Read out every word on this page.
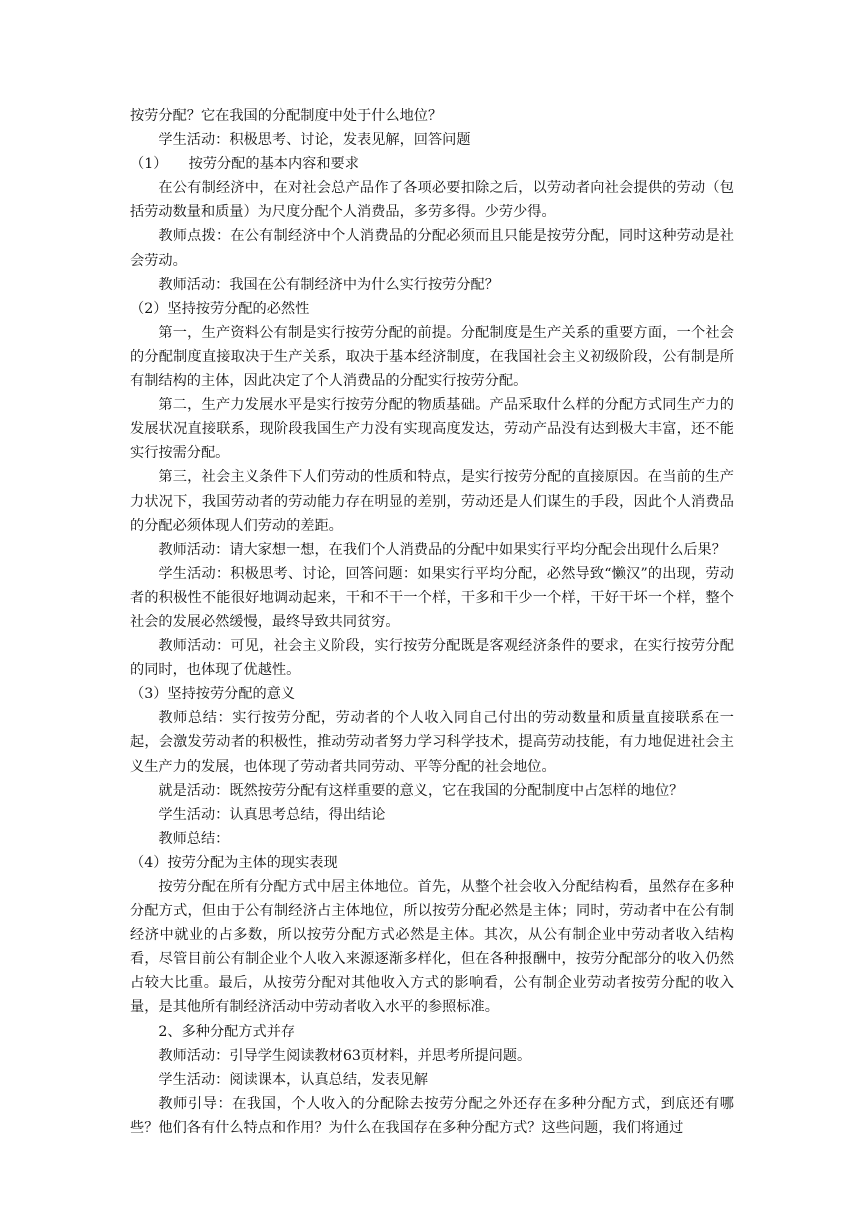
按劳分配？它在我国的分配制度中处于什么地位？

学生活动：积极思考、讨论，发表见解，回答问题

（1）　　按劳分配的基本内容和要求

在公有制经济中，在对社会总产品作了各项必要扣除之后，以劳动者向社会提供的劳动（包括劳动数量和质量）为尺度分配个人消费品，多劳多得。少劳少得。

教师点拨：在公有制经济中个人消费品的分配必须而且只能是按劳分配，同时这种劳动是社会劳动。

教师活动：我国在公有制经济中为什么实行按劳分配？

（2）坚持按劳分配的必然性

第一，生产资料公有制是实行按劳分配的前提。分配制度是生产关系的重要方面，一个社会的分配制度直接取决于生产关系，取决于基本经济制度，在我国社会主义初级阶段，公有制是所有制结构的主体，因此决定了个人消费品的分配实行按劳分配。

第二，生产力发展水平是实行按劳分配的物质基础。产品采取什么样的分配方式同生产力的发展状况直接联系，现阶段我国生产力没有实现高度发达，劳动产品没有达到极大丰富，还不能实行按需分配。

第三，社会主义条件下人们劳动的性质和特点，是实行按劳分配的直接原因。在当前的生产力状况下，我国劳动者的劳动能力存在明显的差别，劳动还是人们谋生的手段，因此个人消费品的分配必须体现人们劳动的差距。

教师活动：请大家想一想，在我们个人消费品的分配中如果实行平均分配会出现什么后果？

学生活动：积极思考、讨论，回答问题：如果实行平均分配，必然导致“懒汉”的出现，劳动者的积极性不能很好地调动起来，干和不干一个样，干多和干少一个样，干好干坏一个样，整个社会的发展必然缓慢，最终导致共同贫穷。

教师活动：可见，社会主义阶段，实行按劳分配既是客观经济条件的要求，在实行按劳分配的同时，也体现了优越性。

（3）坚持按劳分配的意义

教师总结：实行按劳分配，劳动者的个人收入同自己付出的劳动数量和质量直接联系在一起，会激发劳动者的积极性，推动劳动者努力学习科学技术，提高劳动技能，有力地促进社会主义生产力的发展，也体现了劳动者共同劳动、平等分配的社会地位。

就是活动：既然按劳分配有这样重要的意义，它在我国的分配制度中占怎样的地位？

学生活动：认真思考总结，得出结论

教师总结：

（4）按劳分配为主体的现实表现

按劳分配在所有分配方式中居主体地位。首先，从整个社会收入分配结构看，虽然存在多种分配方式，但由于公有制经济占主体地位，所以按劳分配必然是主体；同时，劳动者中在公有制经济中就业的占多数，所以按劳分配方式必然是主体。其次，从公有制企业中劳动者收入结构看，尽管目前公有制企业个人收入来源逐渐多样化，但在各种报酬中，按劳分配部分的收入仍然占较大比重。最后，从按劳分配对其他收入方式的影响看，公有制企业劳动者按劳分配的收入量，是其他所有制经济活动中劳动者收入水平的参照标准。

2、多种分配方式并存

教师活动：引导学生阅读教材63页材料，并思考所提问题。

学生活动：阅读课本，认真总结，发表见解

教师引导：在我国，个人收入的分配除去按劳分配之外还存在多种分配方式，到底还有哪些？他们各有什么特点和作用？为什么在我国存在多种分配方式？这些问题，我们将通过
